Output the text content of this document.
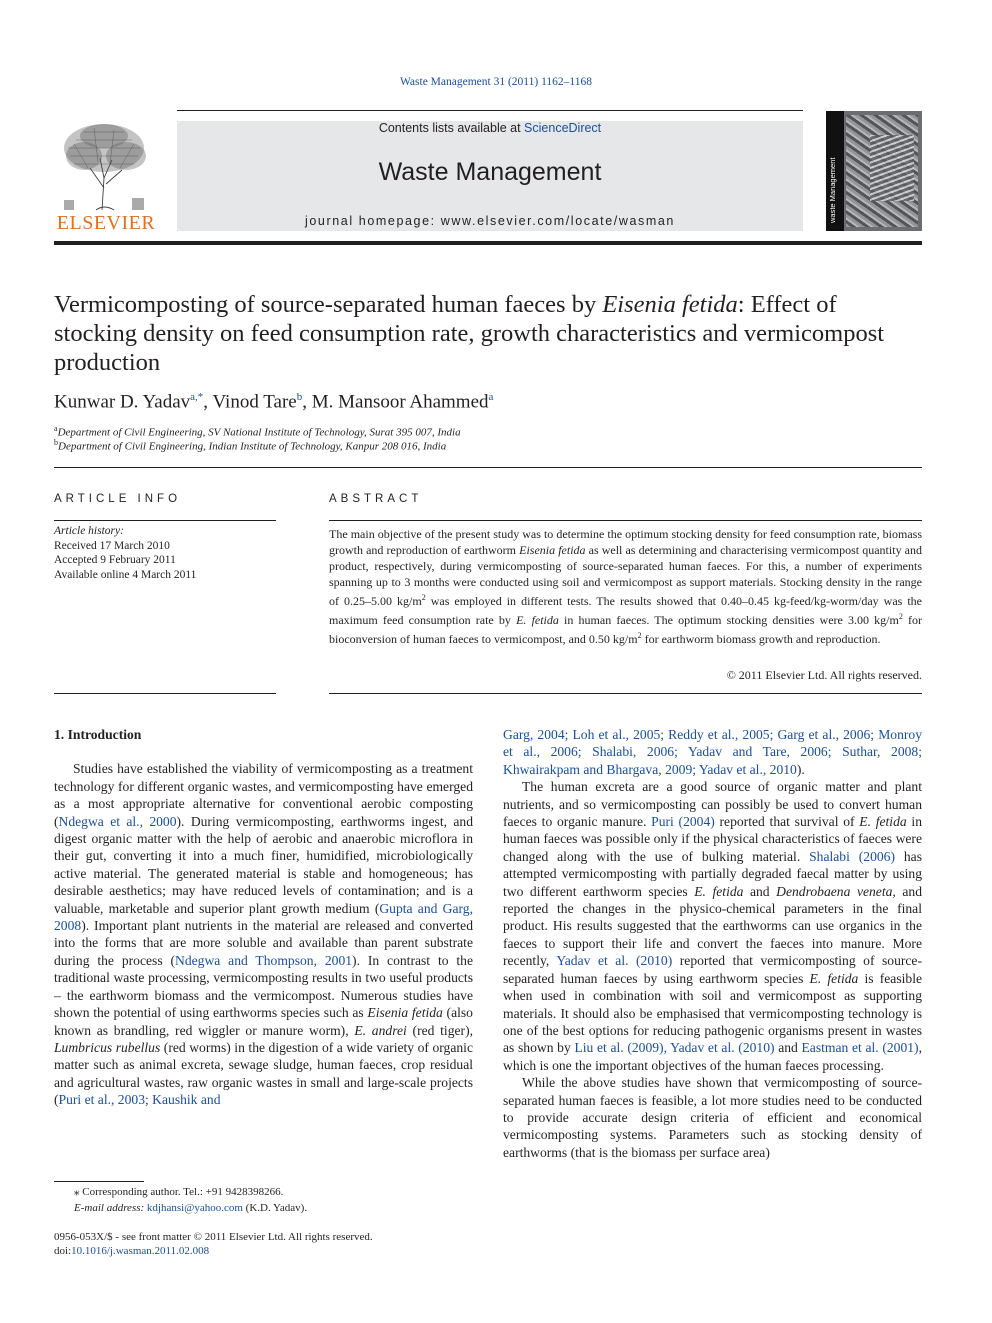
Waste Management 31 (2011) 1162–1168
ELSEVIER
Contents lists available at ScienceDirect
Waste Management
journal homepage: www.elsevier.com/locate/wasman	waste Management
Vermicomposting of source-separated human faeces by Eisenia fetida: Effect of stocking density on feed consumption rate, growth characteristics and vermicompost production
Kunwar D. Yadav$^{a,*}$, Vinod Tare$^b$, M. Mansoor Ahammed$^a$
$^a$Department of Civil Engineering, SV National Institute of Technology, Surat 395 007, India
$^b$Department of Civil Engineering, Indian Institute of Technology, Kanpur 208 016, India
ARTICLE INFO	ABSTRACT
Article history:
Received 17 March 2010
Accepted 9 February 2011
Available online 4 March 2011
The main objective of the present study was to determine the optimum stocking density for feed consumption rate, biomass growth and reproduction of earthworm Eisenia fetida as well as determining and characterising vermicompost quantity and product, respectively, during vermicomposting of source-separated human faeces. For this, a number of experiments spanning up to 3 months were conducted using soil and vermicompost as support materials. Stocking density in the range of 0.25–5.00 $kg/m^2$ was employed in different tests. The results showed that 0.40–0.45 kg-feed/kg-worm/day was the maximum feed consumption rate by E. fetida in human faeces. The optimum stocking densities were 3.00 $kg/m^2$ for bioconversion of human faeces to vermicompost, and 0.50 $kg/m^2$ for earthworm biomass growth and reproduction.
© 2011 Elsevier Ltd. All rights reserved.
1. Introduction

Studies have established the viability of vermicomposting as a treatment technology for different organic wastes, and vermicomposting have emerged as a most appropriate alternative for conventional aerobic composting (Ndegwa et al., 2000). During vermicomposting, earthworms ingest, and digest organic matter with the help of aerobic and anaerobic microflora in their gut, converting it into a much finer, humidified, microbiologically active material. The generated material is stable and homogeneous; has desirable aesthetics; may have reduced levels of contamination; and is a valuable, marketable and superior plant growth medium (Gupta and Garg, 2008). Important plant nutrients in the material are released and converted into the forms that are more soluble and available than parent substrate during the process (Ndegwa and Thompson, 2001). In contrast to the traditional waste processing, vermicomposting results in two useful products – the earthworm biomass and the vermicompost. Numerous studies have shown the potential of using earthworms species such as Eisenia fetida (also known as brandling, red wiggler or manure worm), E. andrei (red tiger), Lumbricus rubellus (red worms) in the digestion of a wide variety of organic matter such as animal excreta, sewage sludge, human faeces, crop residual and agricultural wastes, raw organic wastes in small and large-scale projects (Puri et al., 2003; Kaushik and

Garg, 2004; Loh et al., 2005; Reddy et al., 2005; Garg et al., 2006; Monroy et al., 2006; Shalabi, 2006; Yadav and Tare, 2006; Suthar, 2008; Khwairakpam and Bhargava, 2009; Yadav et al., 2010).

The human excreta are a good source of organic matter and plant nutrients, and so vermicomposting can possibly be used to convert human faeces to organic manure. Puri (2004) reported that survival of E. fetida in human faeces was possible only if the physical characteristics of faeces were changed along with the use of bulking material. Shalabi (2006) has attempted vermicomposting with partially degraded faecal matter by using two different earthworm species E. fetida and Dendrobaena veneta, and reported the changes in the physico-chemical parameters in the final product. His results suggested that the earthworms can use organics in the faeces to support their life and convert the faeces into manure. More recently, Yadav et al. (2010) reported that vermicomposting of source-separated human faeces by using earthworm species E. fetida is feasible when used in combination with soil and vermicompost as supporting materials. It should also be emphasised that vermicomposting technology is one of the best options for reducing pathogenic organisms present in wastes as shown by Liu et al. (2009), Yadav et al. (2010) and Eastman et al. (2001), which is one the important objectives of the human faeces processing.

While the above studies have shown that vermicomposting of source-separated human faeces is feasible, a lot more studies need to be conducted to provide accurate design criteria of efficient and economical vermicomposting systems. Parameters such as stocking density of earthworms (that is the biomass per surface area)

⁎ Corresponding author. Tel.: +91 9428398266.
E-mail address: kdjhansi@yahoo.com (K.D. Yadav).
0956-053X/$ - see front matter © 2011 Elsevier Ltd. All rights reserved.
doi:10.1016/j.wasman.2011.02.008
